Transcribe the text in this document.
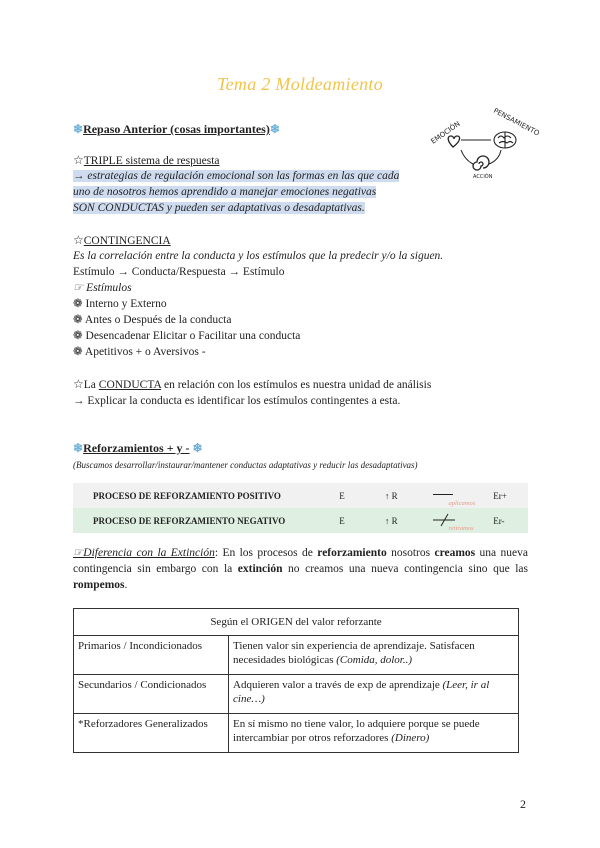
Tema 2 Moldeamiento
EMOCIÓN	PENSAMIENTO
ACCIÓN
❄Repaso Anterior (cosas importantes)❄
☆TRIPLE sistema de respuesta
→ estrategias de regulación emocional son las formas en las que cada
uno de nosotros hemos aprendido a manejar emociones negativas
SON CONDUCTAS y pueden ser adaptativas o desadaptativas.
☆CONTINGENCIA
Es la correlación entre la conducta y los estímulos que la predecir y/o la siguen.
Estímulo → Conducta/Respuesta → Estímulo
☞ Estímulos
❁ Interno y Externo
❁ Antes o Después de la conducta
❁ Desencadenar Elicitar o Facilitar una conducta
❁ Apetitivos + o Aversivos -
☆La CONDUCTA en relación con los estímulos es nuestra unidad de análisis
→ Explicar la conducta es identificar los estímulos contingentes a esta.
❄Reforzamientos + y - ❄
(Buscamos desarrollar/instaurar/mantener conductas adaptativas y reducir las desadaptativas)
PROCESO DE REFORZAMIENTO POSITIVO	E	↑ R	aplicamos	Er+
PROCESO DE REFORZAMIENTO NEGATIVO	E	↑ R	retiramos	Er-
☞Diferencia con la Extinción: En los procesos de reforzamiento nosotros creamos una nueva contingencia sin embargo con la extinción no creamos una nueva contingencia sino que las rompemos.
Según el ORIGEN del valor reforzante	
Primarios / Incondicionados	Tienen valor sin experiencia de aprendizaje. Satisfacen necesidades biológicas (Comida, dolor..)
Secundarios / Condicionados	Adquieren valor a través de exp de aprendizaje (Leer, ir al cine…)
*Reforzadores Generalizados	En sí mismo no tiene valor, lo adquiere porque se puede intercambiar por otros reforzadores (Dinero)
2
